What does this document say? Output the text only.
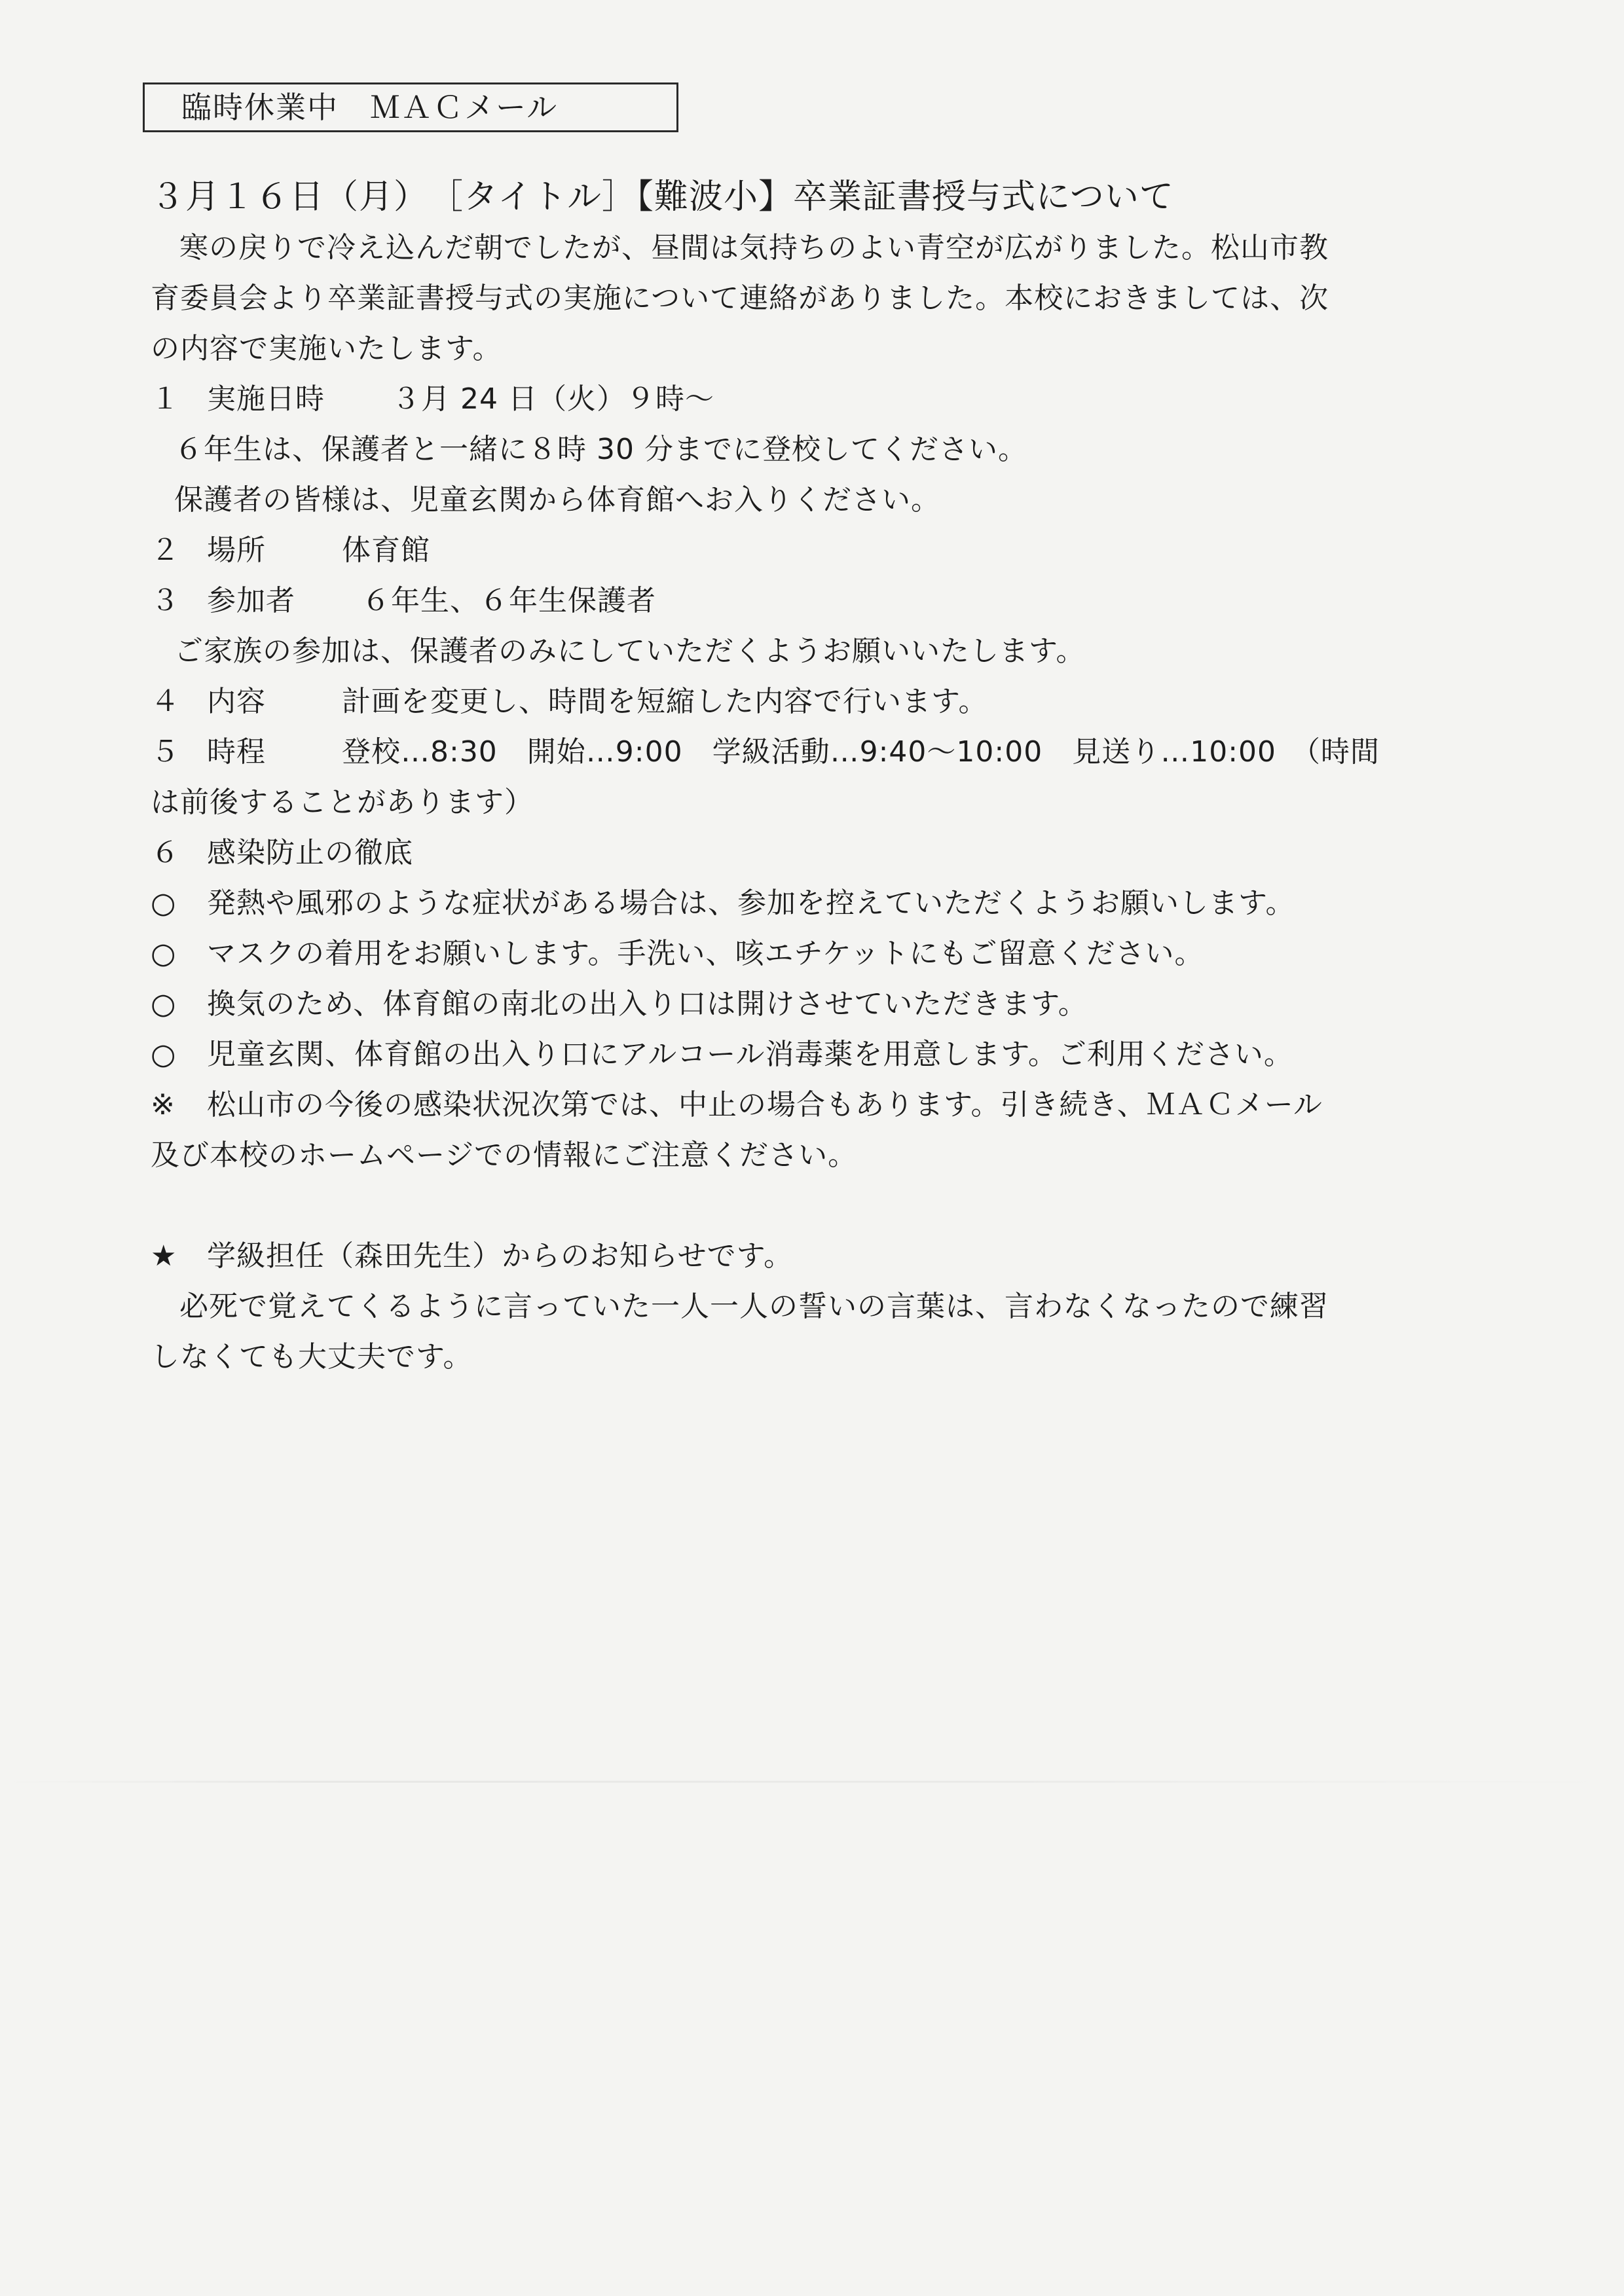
臨時休業中　ＭＡＣメール
３月１６日（月）　［タイトル］【難波小】卒業証書授与式について
寒の戻りで冷え込んだ朝でしたが、昼間は気持ちのよい青空が広がりました。松山市教
育委員会より卒業証書授与式の実施について連絡がありました。本校におきましては、次
の内容で実施いたします。
１ 実施日時 ３月 24 日（火）９時～
６年生は、保護者と一緒に８時 30 分までに登校してください。
保護者の皆様は、児童玄関から体育館へお入りください。
２ 場所	体育館
３ 参加者 ６年生、６年生保護者
ご家族の参加は、保護者のみにしていただくようお願いいたします。
４ 内容	計画を変更し、時間を短縮した内容で行います。
５ 時程	登校…8:30　開始…9:00　学級活動…9:40～10:00　見送り…10:00　（時間
は前後することがあります）
６ 感染防止の徹底
○ 発熱や風邪のような症状がある場合は、参加を控えていただくようお願いします。
○ マスクの着用をお願いします。手洗い、咳エチケットにもご留意ください。
○ 換気のため、体育館の南北の出入り口は開けさせていただきます。
○ 児童玄関、体育館の出入り口にアルコール消毒薬を用意します。ご利用ください。
※ 松山市の今後の感染状況次第では、中止の場合もあります。引き続き、ＭＡＣメール
及び本校のホームページでの情報にご注意ください。
★ 学級担任（森田先生）からのお知らせです。
必死で覚えてくるように言っていた一人一人の誓いの言葉は、言わなくなったので練習
しなくても大丈夫です。
